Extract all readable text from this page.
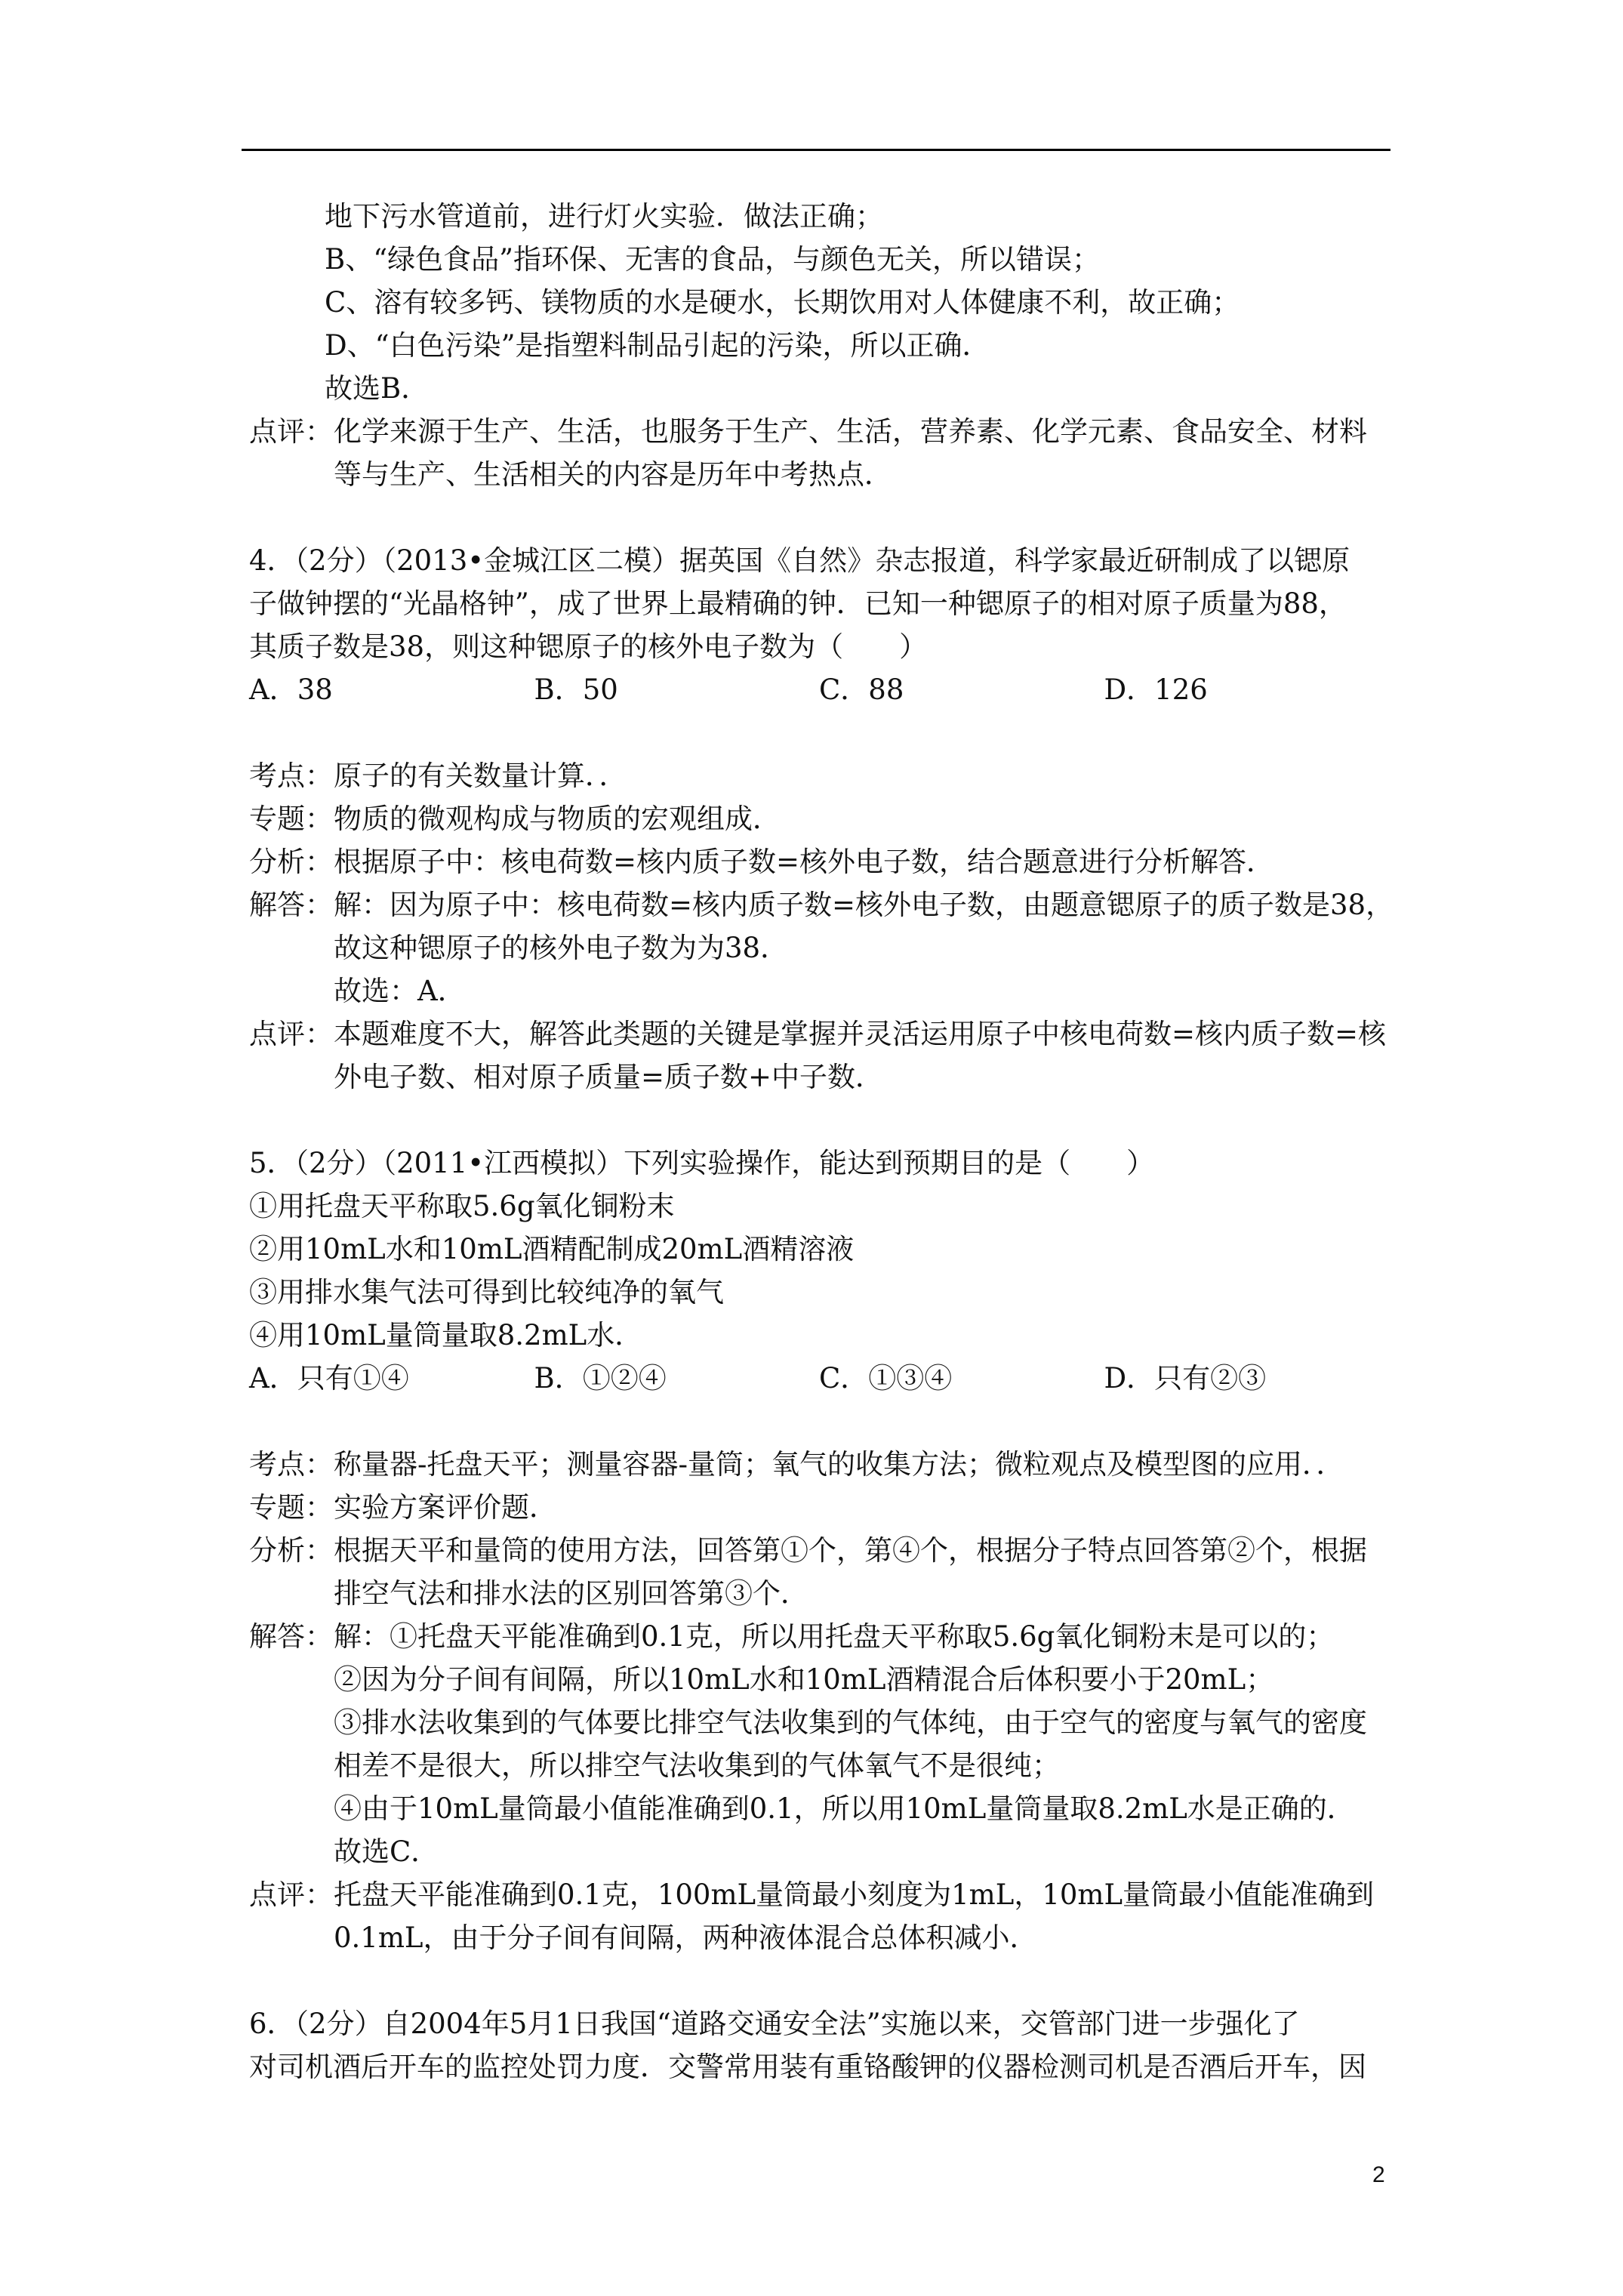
地下污水管道前，进行灯火实验．做法正确；
B、“绿色食品”指环保、无害的食品，与颜色无关，所以错误；
C、溶有较多钙、镁物质的水是硬水，长期饮用对人体健康不利，故正确；
D、“白色污染”是指塑料制品引起的污染，所以正确．
故选B．
点评： 化学来源于生产、生活，也服务于生产、生活，营养素、化学元素、食品安全、材料
等与生产、生活相关的内容是历年中考热点．
4．（2分）（2013•金城江区二模）据英国《自然》杂志报道，科学家最近研制成了以锶原
子做钟摆的“光晶格钟”，成了世界上最精确的钟．已知一种锶原子的相对原子质量为88，
其质子数是38，则这种锶原子的核外电子数为（　　）
A．38	B．50	C．88	D．126
考点： 原子的有关数量计算．．
专题： 物质的微观构成与物质的宏观组成．
分析： 根据原子中：核电荷数=核内质子数=核外电子数，结合题意进行分析解答．
解答： 解：因为原子中：核电荷数=核内质子数=核外电子数，由题意锶原子的质子数是38，
故这种锶原子的核外电子数为为38．
故选：A．
点评： 本题难度不大，解答此类题的关键是掌握并灵活运用原子中核电荷数=核内质子数=核
外电子数、相对原子质量=质子数+中子数．
5．（2分）（2011•江西模拟）下列实验操作，能达到预期目的是（　　）
①用托盘天平称取5.6g氧化铜粉末
②用10mL水和10mL酒精配制成20mL酒精溶液
③用排水集气法可得到比较纯净的氧气
④用10mL量筒量取8.2mL水．
A．只有①④	B．①②④	C．①③④	D．只有②③
考点： 称量器-托盘天平；测量容器-量筒；氧气的收集方法；微粒观点及模型图的应用．．
专题： 实验方案评价题．
分析： 根据天平和量筒的使用方法，回答第①个，第④个，根据分子特点回答第②个，根据
排空气法和排水法的区别回答第③个．
解答： 解：①托盘天平能准确到0.1克，所以用托盘天平称取5.6g氧化铜粉末是可以的；
②因为分子间有间隔，所以10mL水和10mL酒精混合后体积要小于20mL；
③排水法收集到的气体要比排空气法收集到的气体纯，由于空气的密度与氧气的密度
相差不是很大，所以排空气法收集到的气体氧气不是很纯；
④由于10mL量筒最小值能准确到0.1，所以用10mL量筒量取8.2mL水是正确的．
故选C．
点评： 托盘天平能准确到0.1克，100mL量筒最小刻度为1mL，10mL量筒最小值能准确到
0.1mL，由于分子间有间隔，两种液体混合总体积减小．
6．（2分）自2004年5月1日我国“道路交通安全法”实施以来，交管部门进一步强化了
对司机酒后开车的监控处罚力度．交警常用装有重铬酸钾的仪器检测司机是否酒后开车，因
2
